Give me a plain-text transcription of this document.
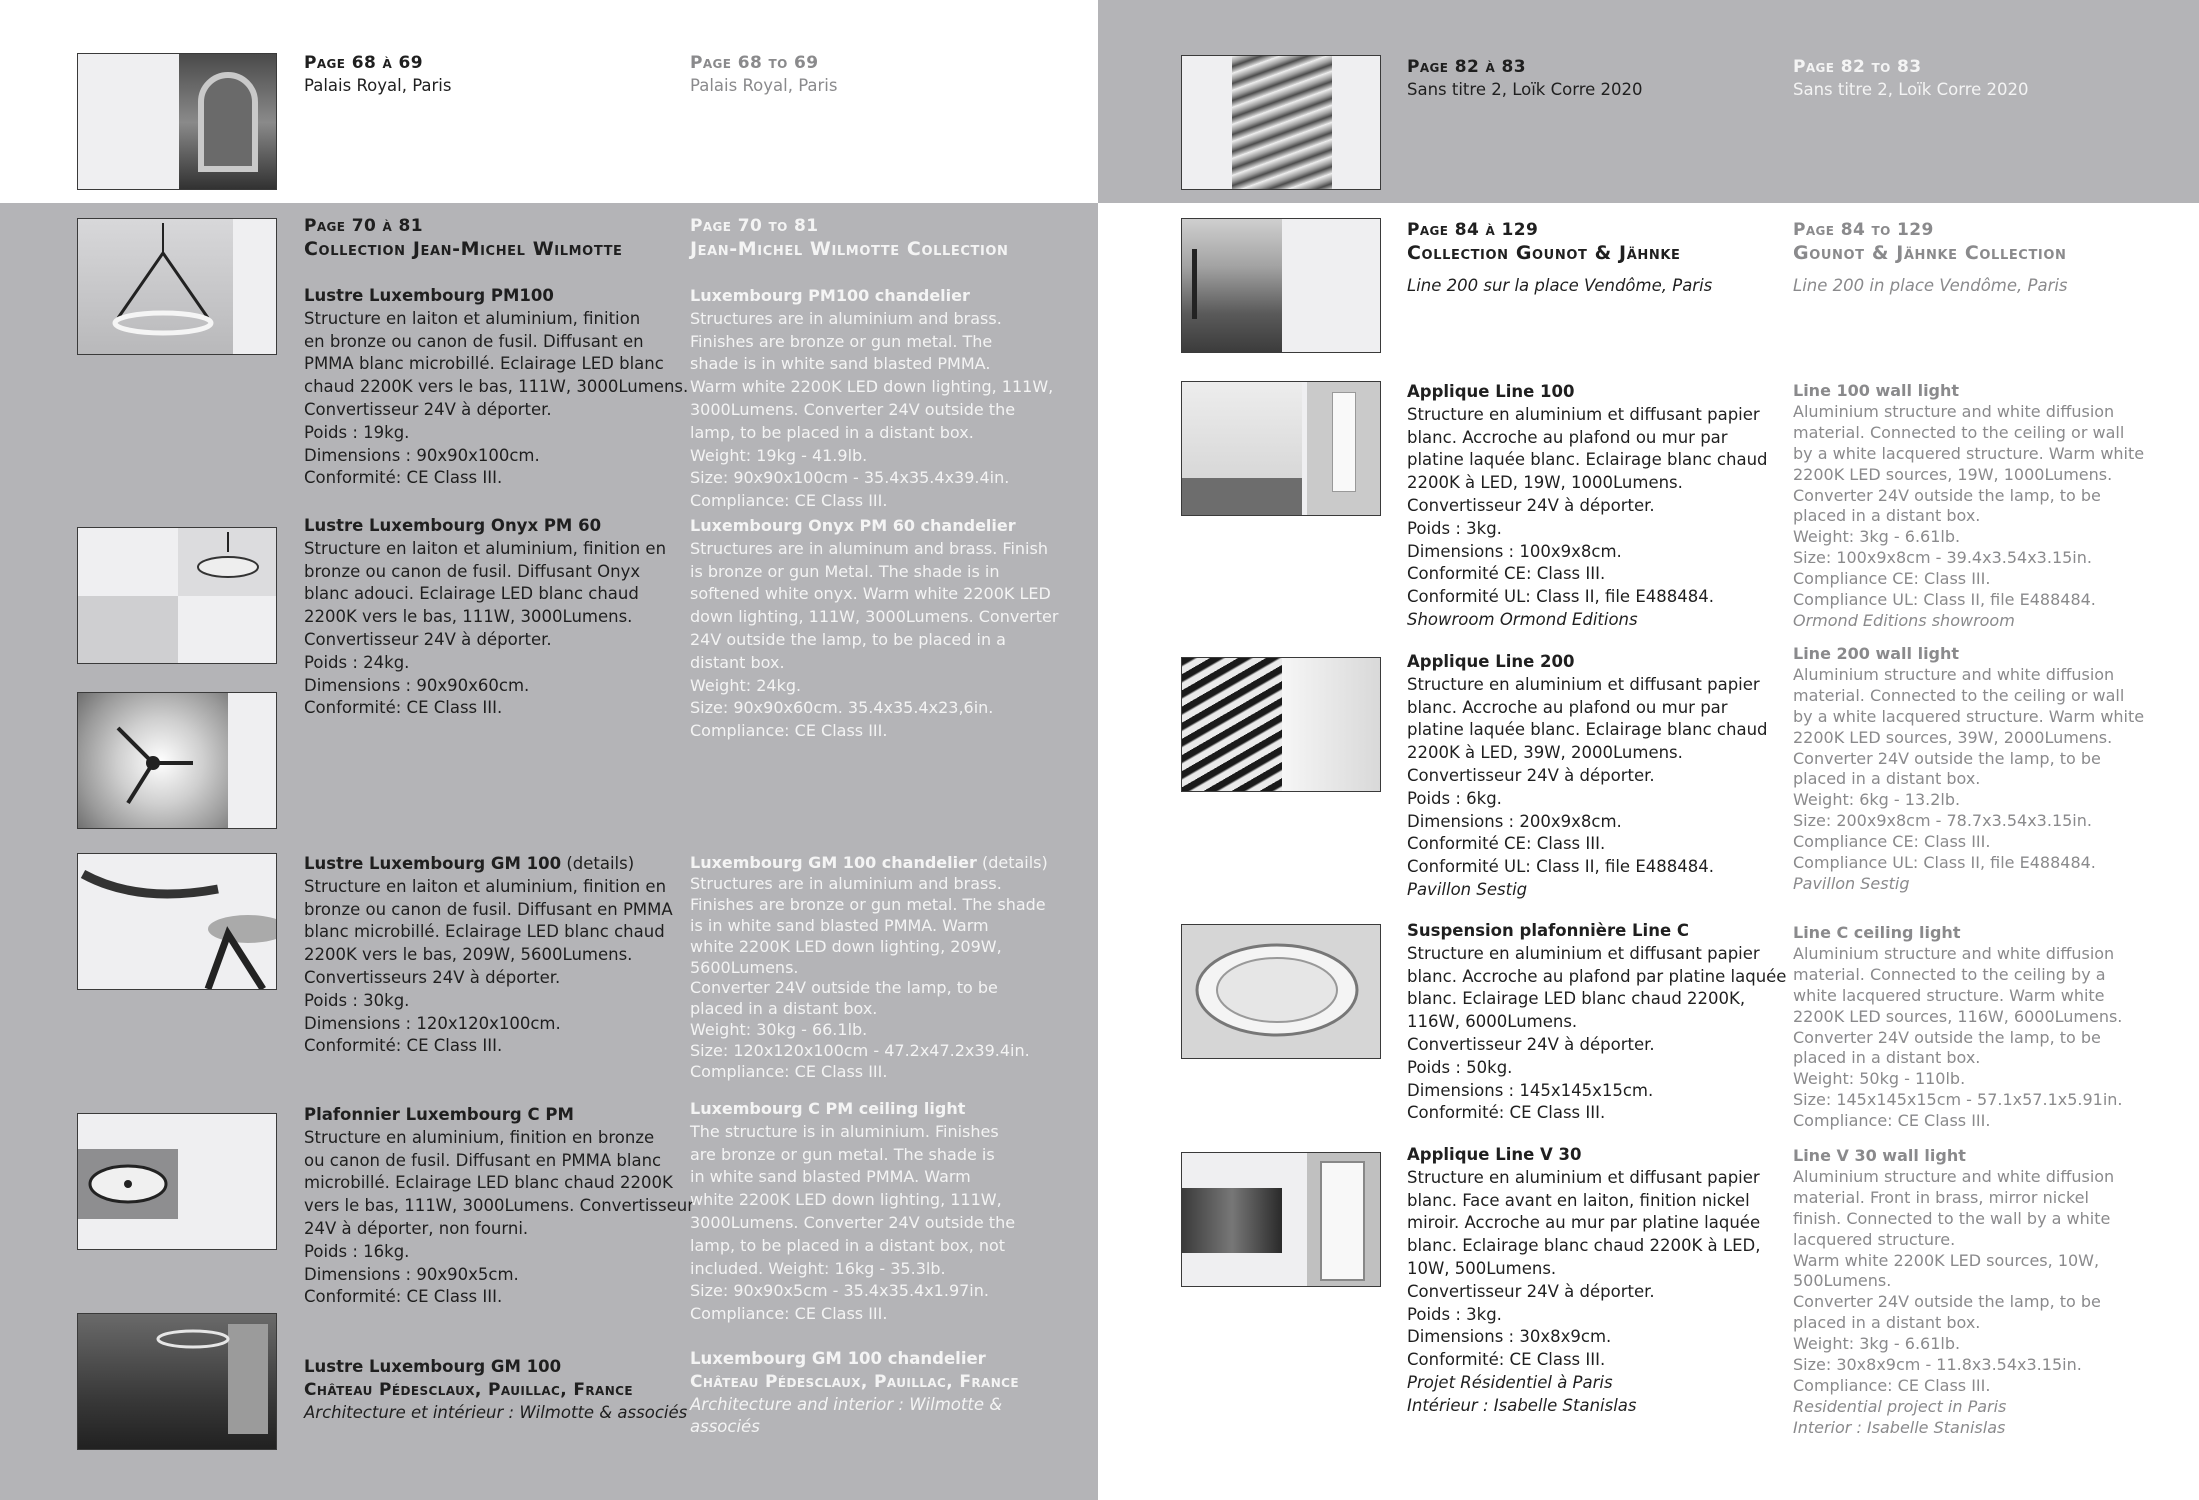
Page 68 à 69
Palais Royal, Paris
Page 68 to 69
Palais Royal, Paris
Page 70 à 81
Collection Jean-Michel Wilmotte
Page 70 to 81
Jean-Michel Wilmotte Collection
Lustre Luxembourg PM100
Structure en laiton et aluminium, finition
en bronze ou canon de fusil. Diffusant en
PMMA blanc microbillé. Eclairage LED blanc
chaud 2200K vers le bas, 111W, 3000Lumens.
Convertisseur 24V à déporter.
Poids : 19kg.
Dimensions : 90x90x100cm.
Conformité: CE Class III.
Luxembourg PM100 chandelier
Structures are in aluminium and brass.
Finishes are bronze or gun metal. The
shade is in white sand blasted PMMA.
Warm white 2200K LED down lighting, 111W,
3000Lumens. Converter 24V outside the
lamp, to be placed in a distant box.
Weight: 19kg - 41.9lb.
Size: 90x90x100cm - 35.4x35.4x39.4in.
Compliance: CE Class III.
Lustre Luxembourg Onyx PM 60
Structure en laiton et aluminium, finition en
bronze ou canon de fusil. Diffusant Onyx
blanc adouci. Eclairage LED blanc chaud
2200K vers le bas, 111W, 3000Lumens.
Convertisseur 24V à déporter.
Poids : 24kg.
Dimensions : 90x90x60cm.
Conformité: CE Class III.
Luxembourg Onyx PM 60 chandelier
Structures are in aluminum and brass. Finish
is bronze or gun Metal. The shade is in
softened white onyx. Warm white 2200K LED
down lighting, 111W, 3000Lumens. Converter
24V outside the lamp, to be placed in a
distant box.
Weight: 24kg.
Size: 90x90x60cm. 35.4x35.4x23,6in.
Compliance: CE Class III.
Lustre Luxembourg GM 100 (details)
Structure en laiton et aluminium, finition en
bronze ou canon de fusil. Diffusant en PMMA
blanc microbillé. Eclairage LED blanc chaud
2200K vers le bas, 209W, 5600Lumens.
Convertisseurs 24V à déporter.
Poids : 30kg.
Dimensions : 120x120x100cm.
Conformité: CE Class III.
Luxembourg GM 100 chandelier (details)
Structures are in aluminium and brass.
Finishes are bronze or gun metal. The shade
is in white sand blasted PMMA. Warm
white 2200K LED down lighting, 209W,
5600Lumens.
Converter 24V outside the lamp, to be
placed in a distant box.
Weight: 30kg - 66.1lb.
Size: 120x120x100cm - 47.2x47.2x39.4in.
Compliance: CE Class III.
Plafonnier Luxembourg C PM
Structure en aluminium, finition en bronze
ou canon de fusil. Diffusant en PMMA blanc
microbillé. Eclairage LED blanc chaud 2200K
vers le bas, 111W, 3000Lumens. Convertisseur
24V à déporter, non fourni.
Poids : 16kg.
Dimensions : 90x90x5cm.
Conformité: CE Class III.
Luxembourg C PM ceiling light
The structure is in aluminium. Finishes
are bronze or gun metal. The shade is
in white sand blasted PMMA. Warm
white 2200K LED down lighting, 111W,
3000Lumens. Converter 24V outside the
lamp, to be placed in a distant box, not
included. Weight: 16kg - 35.3lb.
Size: 90x90x5cm - 35.4x35.4x1.97in.
Compliance: CE Class III.
Lustre Luxembourg GM 100
Château Pédesclaux, Pauillac, France
Architecture et intérieur : Wilmotte & associés
Luxembourg GM 100 chandelier
Château Pédesclaux, Pauillac, France
Architecture and interior : Wilmotte &
associés
Page 82 à 83
Sans titre 2, Loïk Corre 2020
Page 82 to 83
Sans titre 2, Loïk Corre 2020
Page 84 à 129
Collection Gounot & Jähnke
Line 200 sur la place Vendôme, Paris
Page 84 to 129
Gounot & Jähnke Collection
Line 200 in place Vendôme, Paris
Applique Line 100
Structure en aluminium et diffusant papier
blanc. Accroche au plafond ou mur par
platine laquée blanc. Eclairage blanc chaud
2200K à LED, 19W, 1000Lumens.
Convertisseur 24V à déporter.
Poids : 3kg.
Dimensions : 100x9x8cm.
Conformité CE: Class III.
Conformité UL: Class II, file E488484.
Showroom Ormond Editions
Line 100 wall light
Aluminium structure and white diffusion
material. Connected to the ceiling or wall
by a white lacquered structure. Warm white
2200K LED sources, 19W, 1000Lumens.
Converter 24V outside the lamp, to be
placed in a distant box.
Weight: 3kg - 6.61lb.
Size: 100x9x8cm - 39.4x3.54x3.15in.
Compliance CE: Class III.
Compliance UL: Class II, file E488484.
Ormond Editions showroom
Applique Line 200
Structure en aluminium et diffusant papier
blanc. Accroche au plafond ou mur par
platine laquée blanc. Eclairage blanc chaud
2200K à LED, 39W, 2000Lumens.
Convertisseur 24V à déporter.
Poids : 6kg.
Dimensions : 200x9x8cm.
Conformité CE: Class III.
Conformité UL: Class II, file E488484.
Pavillon Sestig
Line 200 wall light
Aluminium structure and white diffusion
material. Connected to the ceiling or wall
by a white lacquered structure. Warm white
2200K LED sources, 39W, 2000Lumens.
Converter 24V outside the lamp, to be
placed in a distant box.
Weight: 6kg - 13.2lb.
Size: 200x9x8cm - 78.7x3.54x3.15in.
Compliance CE: Class III.
Compliance UL: Class II, file E488484.
Pavillon Sestig
Suspension plafonnière Line C
Structure en aluminium et diffusant papier
blanc. Accroche au plafond par platine laquée
blanc. Eclairage LED blanc chaud 2200K,
116W, 6000Lumens.
Convertisseur 24V à déporter.
Poids : 50kg.
Dimensions : 145x145x15cm.
Conformité: CE Class III.
Line C ceiling light
Aluminium structure and white diffusion
material. Connected to the ceiling by a
white lacquered structure. Warm white
2200K LED sources, 116W, 6000Lumens.
Converter 24V outside the lamp, to be
placed in a distant box.
Weight: 50kg - 110lb.
Size: 145x145x15cm - 57.1x57.1x5.91in.
Compliance: CE Class III.
Applique Line V 30
Structure en aluminium et diffusant papier
blanc. Face avant en laiton, finition nickel
miroir. Accroche au mur par platine laquée
blanc. Eclairage blanc chaud 2200K à LED,
10W, 500Lumens.
Convertisseur 24V à déporter.
Poids : 3kg.
Dimensions : 30x8x9cm.
Conformité: CE Class III.
Projet Résidentiel à Paris
Intérieur : Isabelle Stanislas
Line V 30 wall light
Aluminium structure and white diffusion
material. Front in brass, mirror nickel
finish. Connected to the wall by a white
lacquered structure.
Warm white 2200K LED sources, 10W,
500Lumens.
Converter 24V outside the lamp, to be
placed in a distant box.
Weight: 3kg - 6.61lb.
Size: 30x8x9cm - 11.8x3.54x3.15in.
Compliance: CE Class III.
Residential project in Paris
Interior : Isabelle Stanislas
